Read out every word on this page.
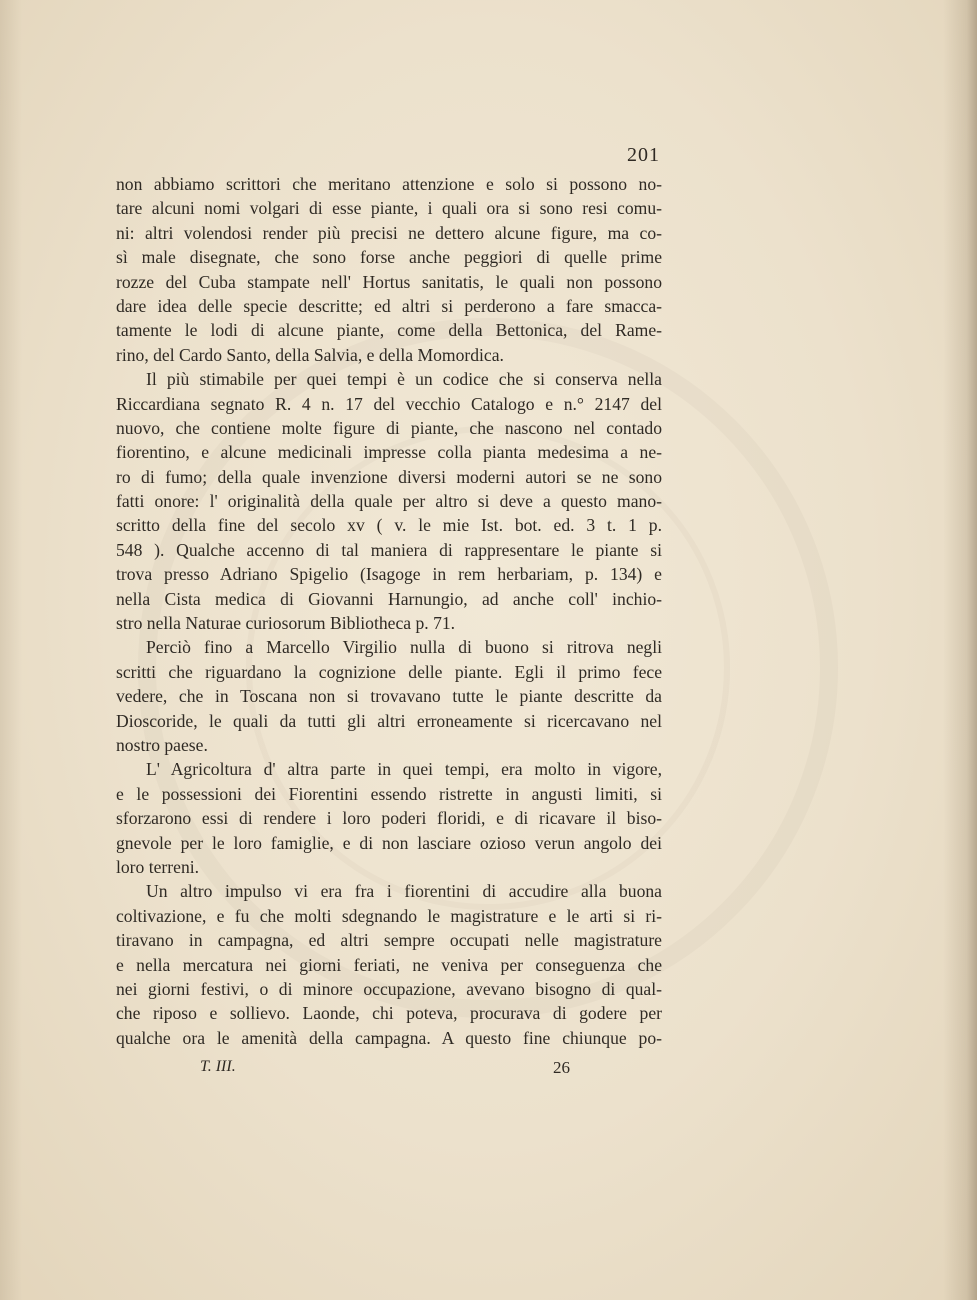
201
non abbiamo scrittori che meritano attenzione e solo si possono no-
tare alcuni nomi volgari di esse piante, i quali ora si sono resi comu-
ni: altri volendosi render più precisi ne dettero alcune figure, ma co-
sì male disegnate, che sono forse anche peggiori di quelle prime
rozze del Cuba stampate nell' Hortus sanitatis, le quali non possono
dare idea delle specie descritte; ed altri si perderono a fare smacca-
tamente le lodi di alcune piante, come della Bettonica, del Rame-
rino, del Cardo Santo, della Salvia, e della Momordica.
Il più stimabile per quei tempi è un codice che si conserva nella
Riccardiana segnato R. 4 n. 17 del vecchio Catalogo e n.° 2147 del
nuovo, che contiene molte figure di piante, che nascono nel contado
fiorentino, e alcune medicinali impresse colla pianta medesima a ne-
ro di fumo; della quale invenzione diversi moderni autori se ne sono
fatti onore: l' originalità della quale per altro si deve a questo mano-
scritto della fine del secolo xv ( v. le mie Ist. bot. ed. 3 t. 1 p.
548 ). Qualche accenno di tal maniera di rappresentare le piante si
trova presso Adriano Spigelio (Isagoge in rem herbariam, p. 134) e
nella Cista medica di Giovanni Harnungio, ad anche coll' inchio-
stro nella Naturae curiosorum Bibliotheca p. 71.
Perciò fino a Marcello Virgilio nulla di buono si ritrova negli
scritti che riguardano la cognizione delle piante. Egli il primo fece
vedere, che in Toscana non si trovavano tutte le piante descritte da
Dioscoride, le quali da tutti gli altri erroneamente si ricercavano nel
nostro paese.
L' Agricoltura d' altra parte in quei tempi, era molto in vigore,
e le possessioni dei Fiorentini essendo ristrette in angusti limiti, si
sforzarono essi di rendere i loro poderi floridi, e di ricavare il biso-
gnevole per le loro famiglie, e di non lasciare ozioso verun angolo dei
loro terreni.
Un altro impulso vi era fra i fiorentini di accudire alla buona
coltivazione, e fu che molti sdegnando le magistrature e le arti si ri-
tiravano in campagna, ed altri sempre occupati nelle magistrature
e nella mercatura nei giorni feriati, ne veniva per conseguenza che
nei giorni festivi, o di minore occupazione, avevano bisogno di qual-
che riposo e sollievo. Laonde, chi poteva, procurava di godere per
qualche ora le amenità della campagna. A questo fine chiunque po-
T. III.	26
